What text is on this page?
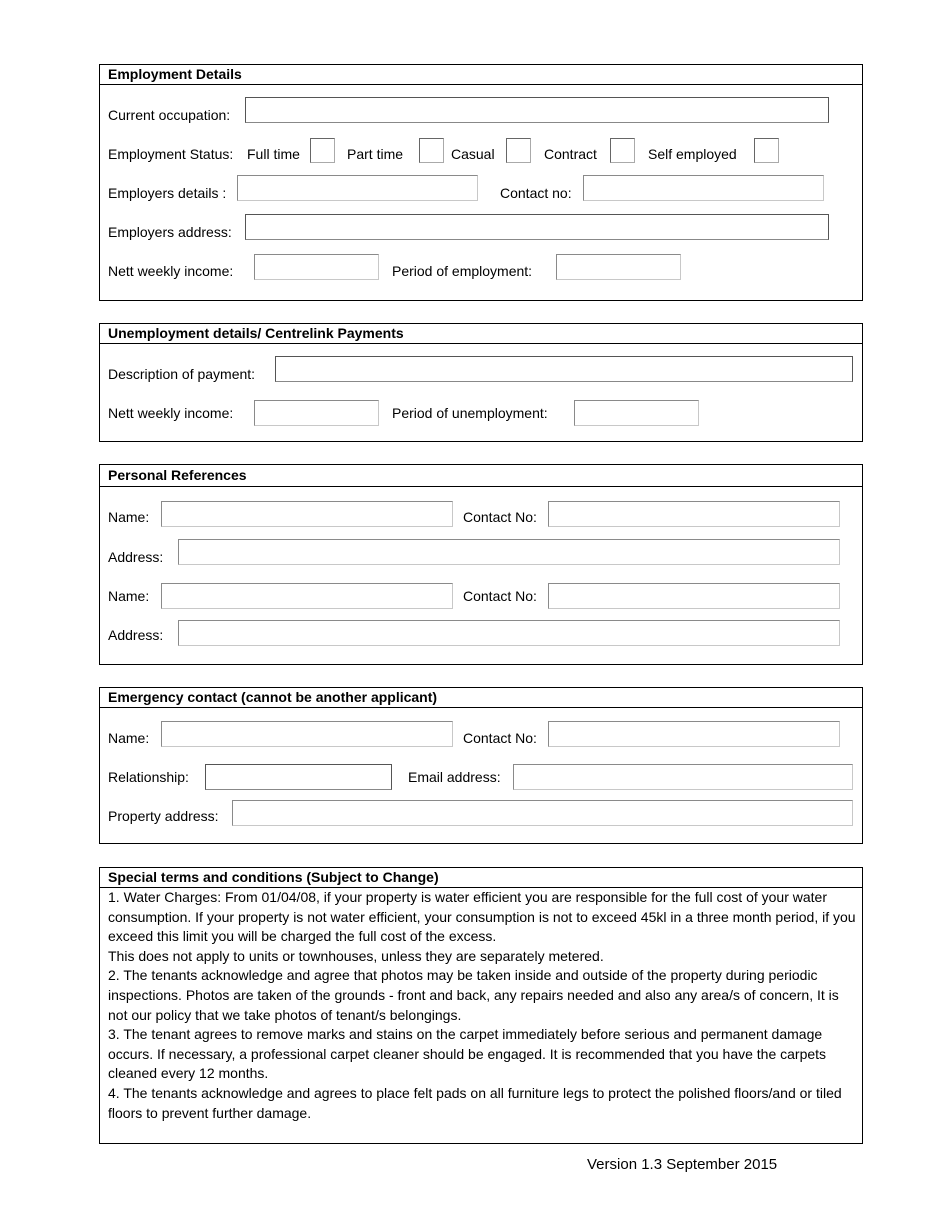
Employment Details
Current occupation:
Employment Status: Full time	Part time	Casual	Contract	Self employed
Employers details :	Contact no:
Employers address:
Nett weekly income:	Period of employment:
Unemployment details/ Centrelink Payments
Description of payment:
Nett weekly income:	Period of unemployment:
Personal References
Name:	Contact No:
Address:
Name:	Contact No:
Address:
Emergency contact (cannot be another applicant)
Name:	Contact No:
Relationship:	Email address:
Property address:
Special terms and conditions (Subject to Change)

1. Water Charges: From 01/04/08, if your property is water efficient you are responsible for the full cost of your water consumption. If your property is not water efficient, your consumption is not to exceed 45kl in a three month period, if you exceed this limit you will be charged the full cost of the excess.

This does not apply to units or townhouses, unless they are separately metered.

2. The tenants acknowledge and agree that photos may be taken inside and outside of the property during periodic inspections. Photos are taken of the grounds - front and back, any repairs needed and also any area/s of concern, It is not our policy that we take photos of tenant/s belongings.

3. The tenant agrees to remove marks and stains on the carpet immediately before serious and permanent damage occurs. If necessary, a professional carpet cleaner should be engaged. It is recommended that you have the carpets cleaned every 12 months.

4. The tenants acknowledge and agrees to place felt pads on all furniture legs to protect the polished floors/and or tiled floors to prevent further damage.

Version 1.3 September 2015
